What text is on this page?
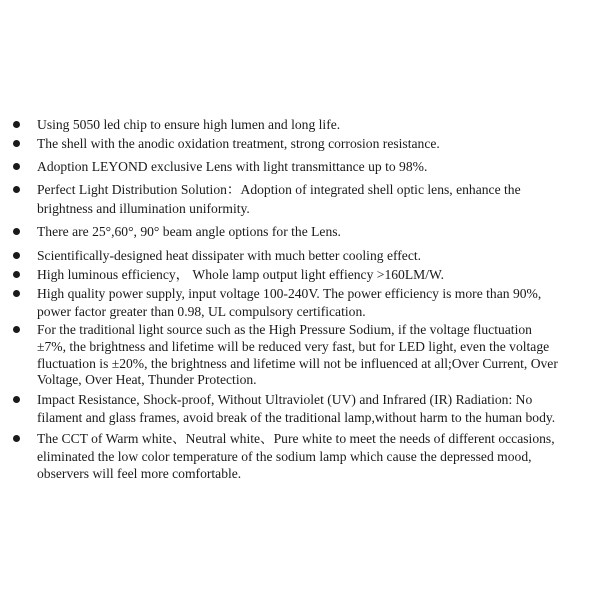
Using 5050 led chip to ensure high lumen and long life.
The shell with the anodic oxidation treatment, strong corrosion resistance.
Adoption LEYOND exclusive Lens with light transmittance up to 98%.
Perfect Light Distribution Solution：Adoption of integrated shell optic lens, enhance the
brightness and illumination uniformity.
There are 25°,60°, 90° beam angle options for the Lens.
Scientifically-designed heat dissipater with much better cooling effect.
High luminous efficiency， Whole lamp output light effiency >160LM/W.
High quality power supply, input voltage 100-240V. The power efficiency is more than 90%,
power factor greater than 0.98, UL compulsory certification.
For the traditional light source such as the High Pressure Sodium, if the voltage fluctuation
±7%, the brightness and lifetime will be reduced very fast, but for LED light, even the voltage
fluctuation is ±20%, the brightness and lifetime will not be influenced at all;Over Current, Over
Voltage, Over Heat, Thunder Protection.
Impact Resistance, Shock-proof, Without Ultraviolet (UV) and Infrared (IR) Radiation: No
filament and glass frames, avoid break of the traditional lamp,without harm to the human body.
The CCT of Warm white、Neutral white、Pure white to meet the needs of different occasions,
eliminated the low color temperature of the sodium lamp which cause the depressed mood,
observers will feel more comfortable.
